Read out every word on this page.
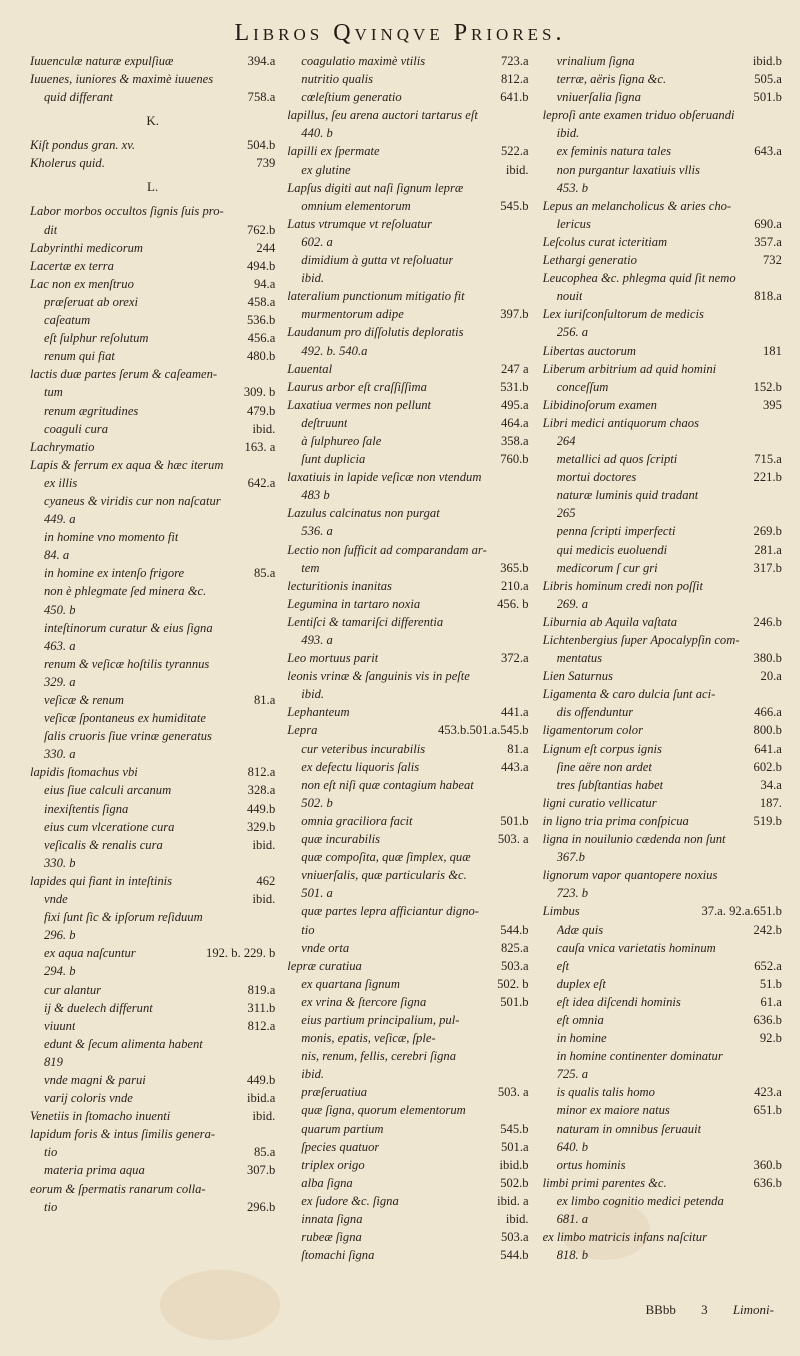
Libros Qvinqve Priores.
Iuuenculæ naturæ expulſiuæ	394.a
Iuuenes, iuniores & maximè iuuenes
quid differant	758.a
K.
Kiſt pondus gran. xv.	504.b
Kholerus quid.	739
L.
Labor morbos occultos ſignis ſuis pro-
dit	762.b
Labyrinthi medicorum	244
Lacertæ ex terra	494.b
Lac non ex menſtruo	94.a
præſeruat ab orexi	458.a
caſeatum	536.b
eſt ſulphur reſolutum	456.a
renum qui fiat	480.b
lactis duæ partes ſerum & caſeamen-
tum	309. b
renum ægritudines	479.b
coaguli cura	ibid.
Lachrymatio	163. a
Lapis & ferrum ex aqua & hæc iterum
ex illis	642.a
cyaneus & viridis cur non naſcatur
449. a
in homine vno momento fit
84. a
in homine ex intenſo frigore	85.a
non è phlegmate ſed minera &c.
450. b
inteſtinorum curatur & eius ſigna
463. a
renum & veſicæ hoſtilis tyrannus
329. a
veſicæ & renum	81.a
veſicæ ſpontaneus ex humiditate
ſalis cruoris ſiue vrinæ generatus
330. a
lapidis ſtomachus vbi	812.a
eius ſiue calculi arcanum	328.a
inexiſtentis ſigna	449.b
eius cum vlceratione cura	329.b
veſicalis & renalis cura	ibid.
330. b
lapides qui fiant in inteſtinis	462
vnde	ibid.
fixi ſunt ſic & ipſorum reſiduum
296. b
ex aqua naſcuntur	192. b. 229. b
294. b
cur alantur	819.a
ij & duelech differunt	311.b
viuunt	812.a
edunt & ſecum alimenta habent
819
vnde magni & parui	449.b
varij coloris vnde	ibid.a
Venetiis in ſtomacho inuenti	ibid.
lapidum foris & intus ſimilis genera-
tio	85.a
materia prima aqua	307.b
eorum & ſpermatis ranarum colla-
tio	296.b
coagulatio maximè vtilis	723.a
nutritio qualis	812.a
cœleſtium generatio	641.b
lapillus, ſeu arena auctori tartarus eſt
440. b
lapilli ex ſpermate	522.a
ex glutine	ibid.
Lapſus digiti aut naſi ſignum lepræ
omnium elementorum	545.b
Latus vtrumque vt reſoluatur
602. a
dimidium à gutta vt reſoluatur
ibid.
lateralium punctionum mitigatio fit
murmentorum adipe	397.b
Laudanum pro diſſolutis deploratis
492. b. 540.a
Lauental	247 a
Laurus arbor eſt craſſiſſima	531.b
Laxatiua vermes non pellunt	495.a
deſtruunt	464.a
à ſulphureo ſale	358.a
ſunt duplicia	760.b
laxatiuis in lapide veſicæ non vtendum
483 b
Lazulus calcinatus non purgat
536. a
Lectio non ſufficit ad comparandam ar-
tem	365.b
lecturitionis inanitas	210.a
Legumina in tartaro noxia	456. b
Lentiſci & tamariſci differentia
493. a
Leo mortuus parit	372.a
leonis vrinæ & ſanguinis vis in peſte
ibid.
Lephanteum	441.a
Lepra	453.b.501.a.545.b
cur veteribus incurabilis	81.a
ex defectu liquoris ſalis	443.a
non eſt niſi quæ contagium habeat
502. b
omnia graciliora facit	501.b
quæ incurabilis	503. a
quæ compoſita, quæ ſimplex, quæ
vniuerſalis, quæ particularis &c.
501. a
quæ partes lepra afficiantur digno-
tio	544.b
vnde orta	825.a
lepræ curatiua	503.a
ex quartana ſignum	502. b
ex vrina & ſtercore ſigna	501.b
eius partium principalium, pul-
monis, epatis, veſicæ, ſple-
nis, renum, fellis, cerebri ſigna
ibid.
præſeruatiua	503. a
quæ ſigna, quorum elementorum
quarum partium	545.b
ſpecies quatuor	501.a
triplex origo	ibid.b
alba ſigna	502.b
ex ſudore &c. ſigna	ibid. a
innata ſigna	ibid.
rubeæ ſigna	503.a
ſtomachi ſigna	544.b
vrinalium ſigna	ibid.b
terræ, aëris ſigna &c.	505.a
vniuerſalia ſigna	501.b
leproſi ante examen triduo obſeruandi
ibid.
ex feminis natura tales	643.a
non purgantur laxatiuis vllis
453. b
Lepus an melancholicus & aries cho-
lericus	690.a
Leſcolus curat icteritiam	357.a
Lethargi generatio	732
Leucophea &c. phlegma quid ſit nemo
nouit	818.a
Lex iuriſconſultorum de medicis
256. a
Libertas auctorum	181
Liberum arbitrium ad quid homini
conceſſum	152.b
Libidinoſorum examen	395
Libri medici antiquorum chaos
264
metallici ad quos ſcripti	715.a
mortui doctores	221.b
naturæ luminis quid tradant
265
penna ſcripti imperfecti	269.b
qui medicis euoluendi	281.a
medicorum ſ cur gri	317.b
Libris hominum credi non poſſit
269. a
Liburnia ab Aquila vaſtata	246.b
Lichtenbergius ſuper Apocalypſin com-
mentatus	380.b
Lien Saturnus	20.a
Ligamenta & caro dulcia ſunt aci-
dis offenduntur	466.a
ligamentorum color	800.b
Lignum eſt corpus ignis	641.a
ſine aëre non ardet	602.b
tres ſubſtantias habet	34.a
ligni curatio vellicatur	187.
in ligno tria prima conſpicua	519.b
ligna in nouilunio cædenda non ſunt
367.b
lignorum vapor quantopere noxius
723. b
Limbus	37.a. 92.a.651.b
Adæ quis	242.b
cauſa vnica varietatis hominum
eſt	652.a
duplex eſt	51.b
eſt idea diſcendi hominis	61.a
eſt omnia	636.b
in homine	92.b
in homine continenter dominatur
725. a
is qualis talis homo	423.a
minor ex maiore natus	651.b
naturam in omnibus ſeruauit
640. b
ortus hominis	360.b
limbi primi parentes &c.	636.b
ex limbo cognitio medici petenda
681. a
ex limbo matricis infans naſcitur
818. b
BBbb 3 Limoni-
